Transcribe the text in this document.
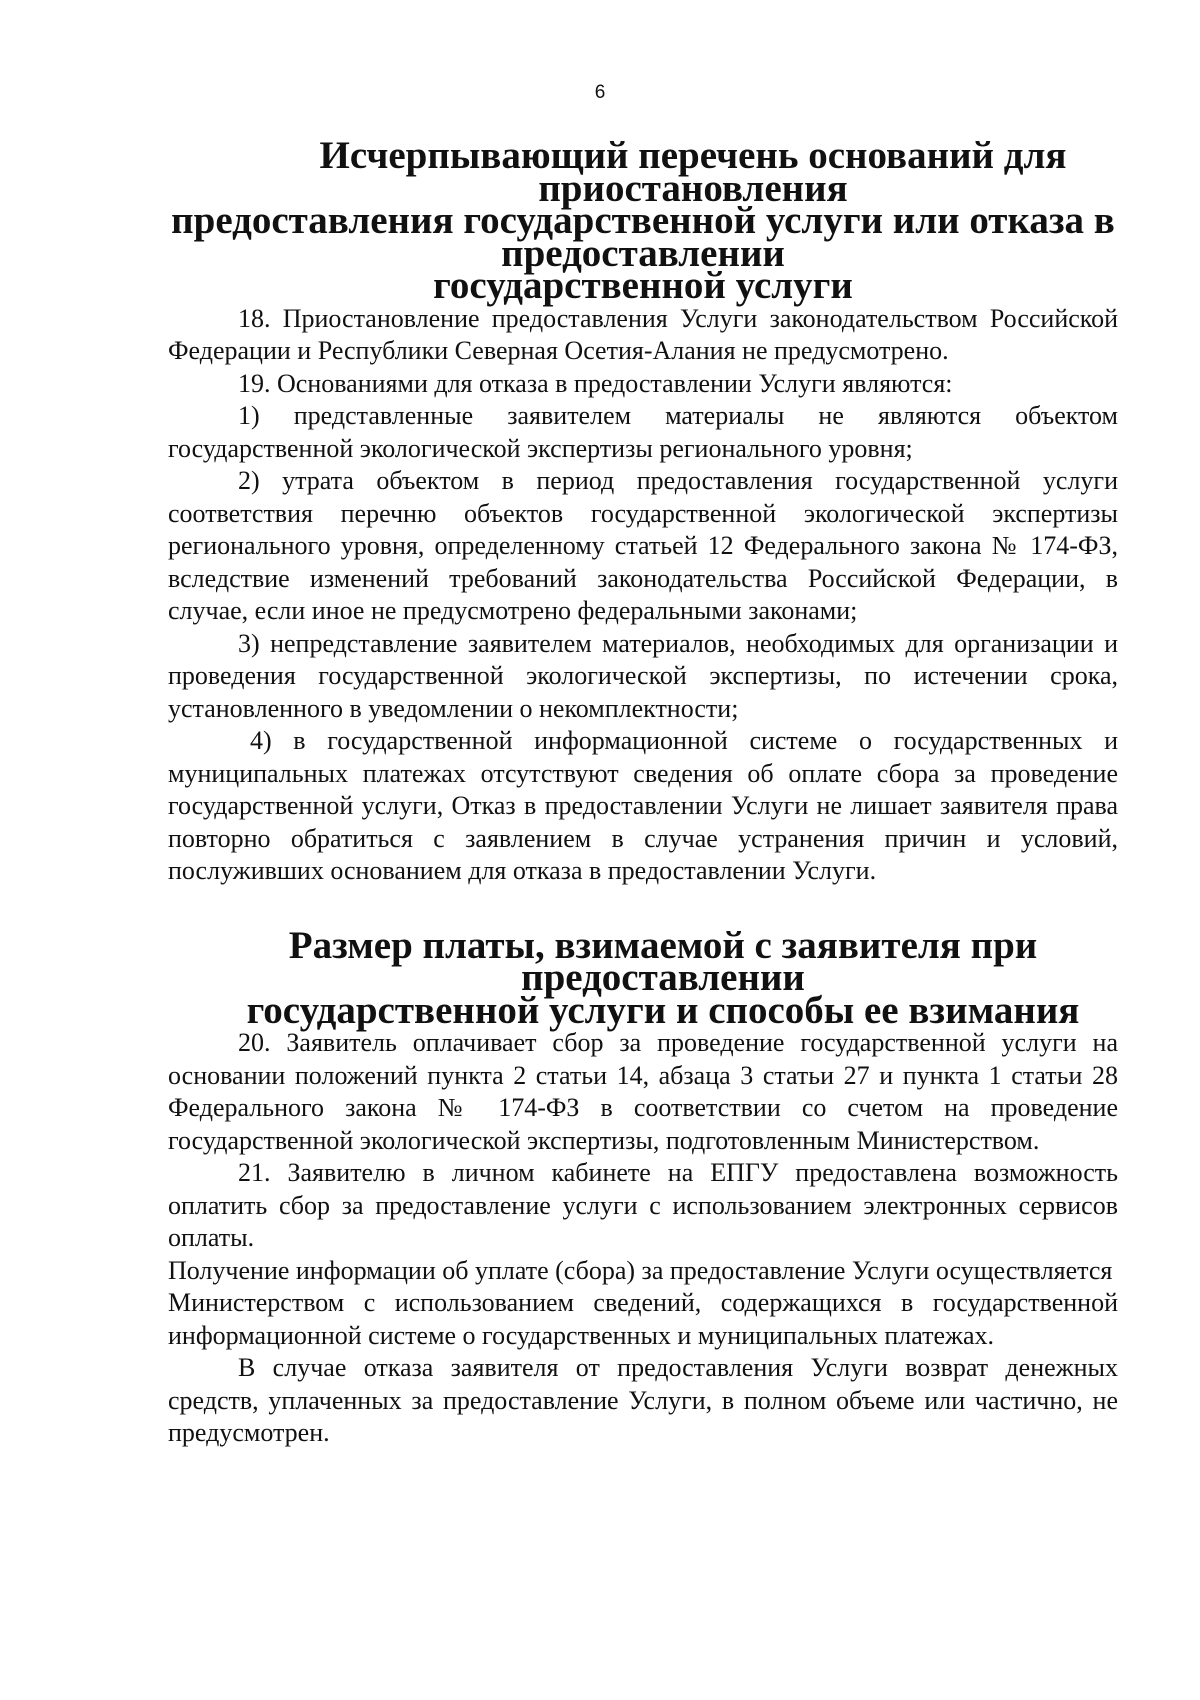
6
Исчерпывающий перечень оснований для приостановления
предоставления государственной услуги или отказа в предоставлении
государственной услуги

18. Приостановление предоставления Услуги законодательством Российской Федерации и Республики Северная Осетия-Алания не предусмотрено.

19. Основаниями для отказа в предоставлении Услуги являются:

1) представленные заявителем материалы не являются объектом государственной экологической экспертизы регионального уровня;

2) утрата объектом в период предоставления государственной услуги соответствия перечню объектов государственной экологической экспертизы регионального уровня, определенному статьей 12 Федерального закона № 174-ФЗ, вследствие изменений требований законодательства Российской Федерации, в случае, если иное не предусмотрено федеральными законами;

3) непредставление заявителем материалов, необходимых для организации и проведения государственной экологической экспертизы, по истечении срока, установленного в уведомлении о некомплектности;

4) в государственной информационной системе о государственных и муниципальных платежах отсутствуют сведения об оплате сбора за проведение государственной услуги, Отказ в предоставлении Услуги не лишает заявителя права повторно обратиться с заявлением в случае устранения причин и условий, послуживших основанием для отказа в предоставлении Услуги.

Размер платы, взимаемой с заявителя при предоставлении
государственной услуги и способы ее взимания

20. Заявитель оплачивает сбор за проведение государственной услуги на основании положений пункта 2 статьи 14, абзаца 3 статьи 27 и пункта 1 статьи 28 Федерального закона № 174-ФЗ в соответствии со счетом на проведение государственной экологической экспертизы, подготовленным Министерством.

21. Заявителю в личном кабинете на ЕПГУ предоставлена возможность оплатить сбор за предоставление услуги с использованием электронных сервисов оплаты.

Получение информации об уплате (сбора) за предоставление Услуги осуществляется

Министерством с использованием сведений, содержащихся в государственной информационной системе о государственных и муниципальных платежах.

В случае отказа заявителя от предоставления Услуги возврат денежных средств, уплаченных за предоставление Услуги, в полном объеме или частично, не предусмотрен.
